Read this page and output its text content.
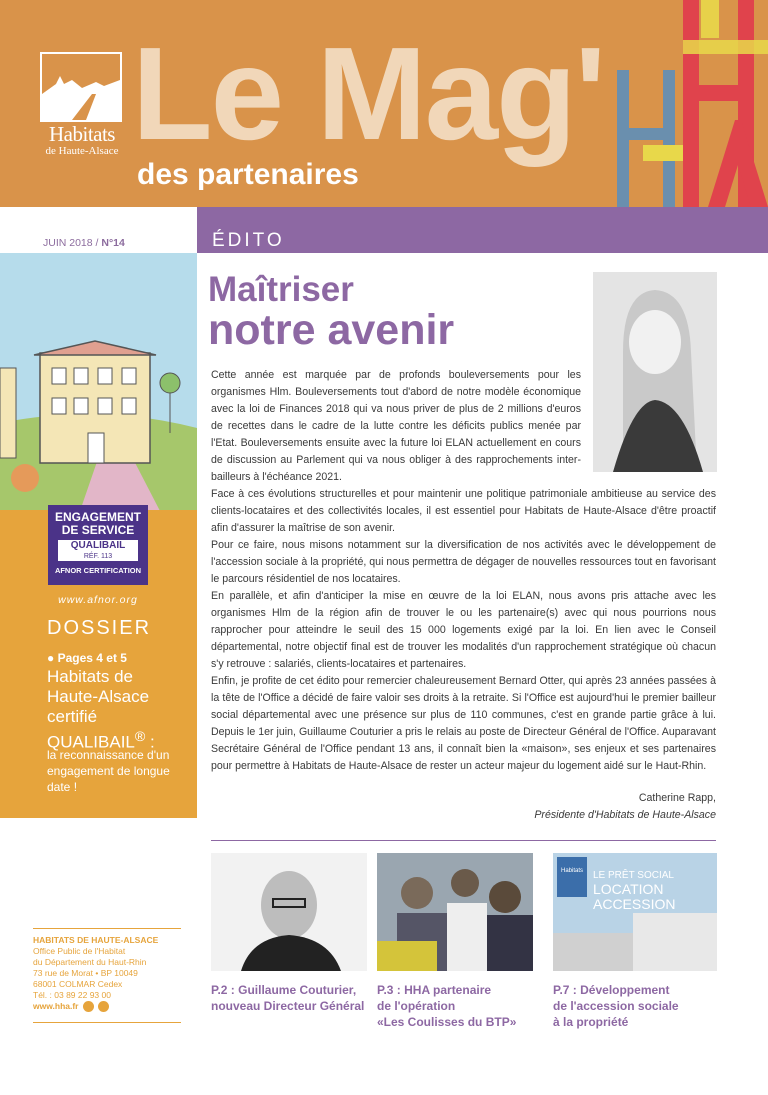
Habitats
de Haute-Alsace Le Mag'
des partenaires
ÉDITO
JUIN 2018 / N°14
ENGAGEMENT
DE SERVICE
QUALIBAIL
RÉF. 113
AFNOR CERTIFICATION
www.afnor.org
DOSSIER
● Pages 4 et 5
Habitats de Haute-Alsace certifié
QUALIBAIL® :
la reconnaissance d'un engagement de longue date !
Maîtriser
notre avenir

Cette année est marquée par de profonds bouleversements pour les organismes Hlm. Bouleversements tout d'abord de notre modèle économique avec la loi de Finances 2018 qui va nous priver de plus de 2 millions d'euros de recettes dans le cadre de la lutte contre les déficits publics menée par l'Etat. Bouleversements ensuite avec la future loi ELAN actuellement en cours de discussion au Parlement qui va nous obliger à des rapprochements inter-bailleurs à l'échéance 2021.

Face à ces évolutions structurelles et pour maintenir une politique patrimoniale ambitieuse au service des clients-locataires et des collectivités locales, il est essentiel pour Habitats de Haute-Alsace d'être proactif afin d'assurer la maîtrise de son avenir.

Pour ce faire, nous misons notamment sur la diversification de nos activités avec le développement de l'accession sociale à la propriété, qui nous permettra de dégager de nouvelles ressources tout en favorisant le parcours résidentiel de nos locataires.

En parallèle, et afin d'anticiper la mise en œuvre de la loi ELAN, nous avons pris attache avec les organismes Hlm de la région afin de trouver le ou les partenaire(s) avec qui nous pourrions nous rapprocher pour atteindre le seuil des 15 000 logements exigé par la loi. En lien avec le Conseil départemental, notre objectif final est de trouver les modalités d'un rapprochement stratégique où chacun s'y retrouve : salariés, clients-locataires et partenaires.

Enfin, je profite de cet édito pour remercier chaleureusement Bernard Otter, qui après 23 années passées à la tête de l'Office a décidé de faire valoir ses droits à la retraite. Si l'Office est aujourd'hui le premier bailleur social départemental avec une présence sur plus de 110 communes, c'est en grande partie grâce à lui. Depuis le 1er juin, Guillaume Couturier a pris le relais au poste de Directeur Général de l'Office. Auparavant Secrétaire Général de l'Office pendant 13 ans, il connaît bien la «maison», ses enjeux et ses partenaires pour permettre à Habitats de Haute-Alsace de rester un acteur majeur du logement aidé sur le Haut-Rhin.

Catherine Rapp,
Présidente d'Habitats de Haute-Alsace
Habitats LE PRÊT SOCIAL
LOCATION
ACCESSION
P.2 : Guillaume Couturier,
nouveau Directeur Général
P.3 : HHA partenaire
de l'opération
«Les Coulisses du BTP»
P.7 : Développement
de l'accession sociale
à la propriété
HABITATS DE HAUTE-ALSACE
Office Public de l'Habitat
du Département du Haut-Rhin
73 rue de Morat • BP 10049
68001 COLMAR Cedex
Tél. : 03 89 22 93 00
www.hha.fr
